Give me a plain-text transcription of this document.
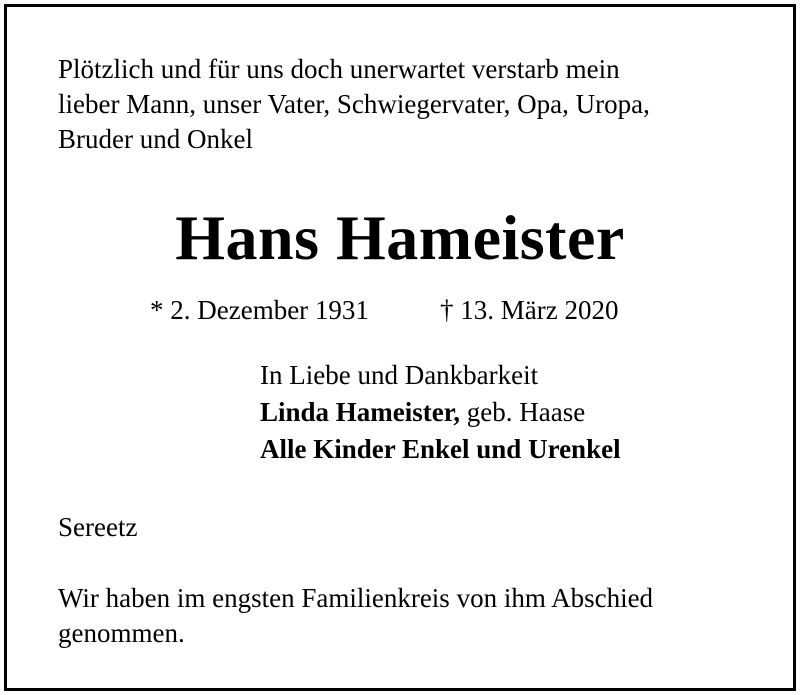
Plötzlich und für uns doch unerwartet verstarb mein
lieber Mann, unser Vater, Schwiegervater, Opa, Uropa,
Bruder und Onkel

Hans Hameister
* 2. Dezember 1931	† 13. März 2020
In Liebe und Dankbarkeit
Linda Hameister, geb. Haase
Alle Kinder Enkel und Urenkel

Sereetz

Wir haben im engsten Familienkreis von ihm Abschied
genommen.
